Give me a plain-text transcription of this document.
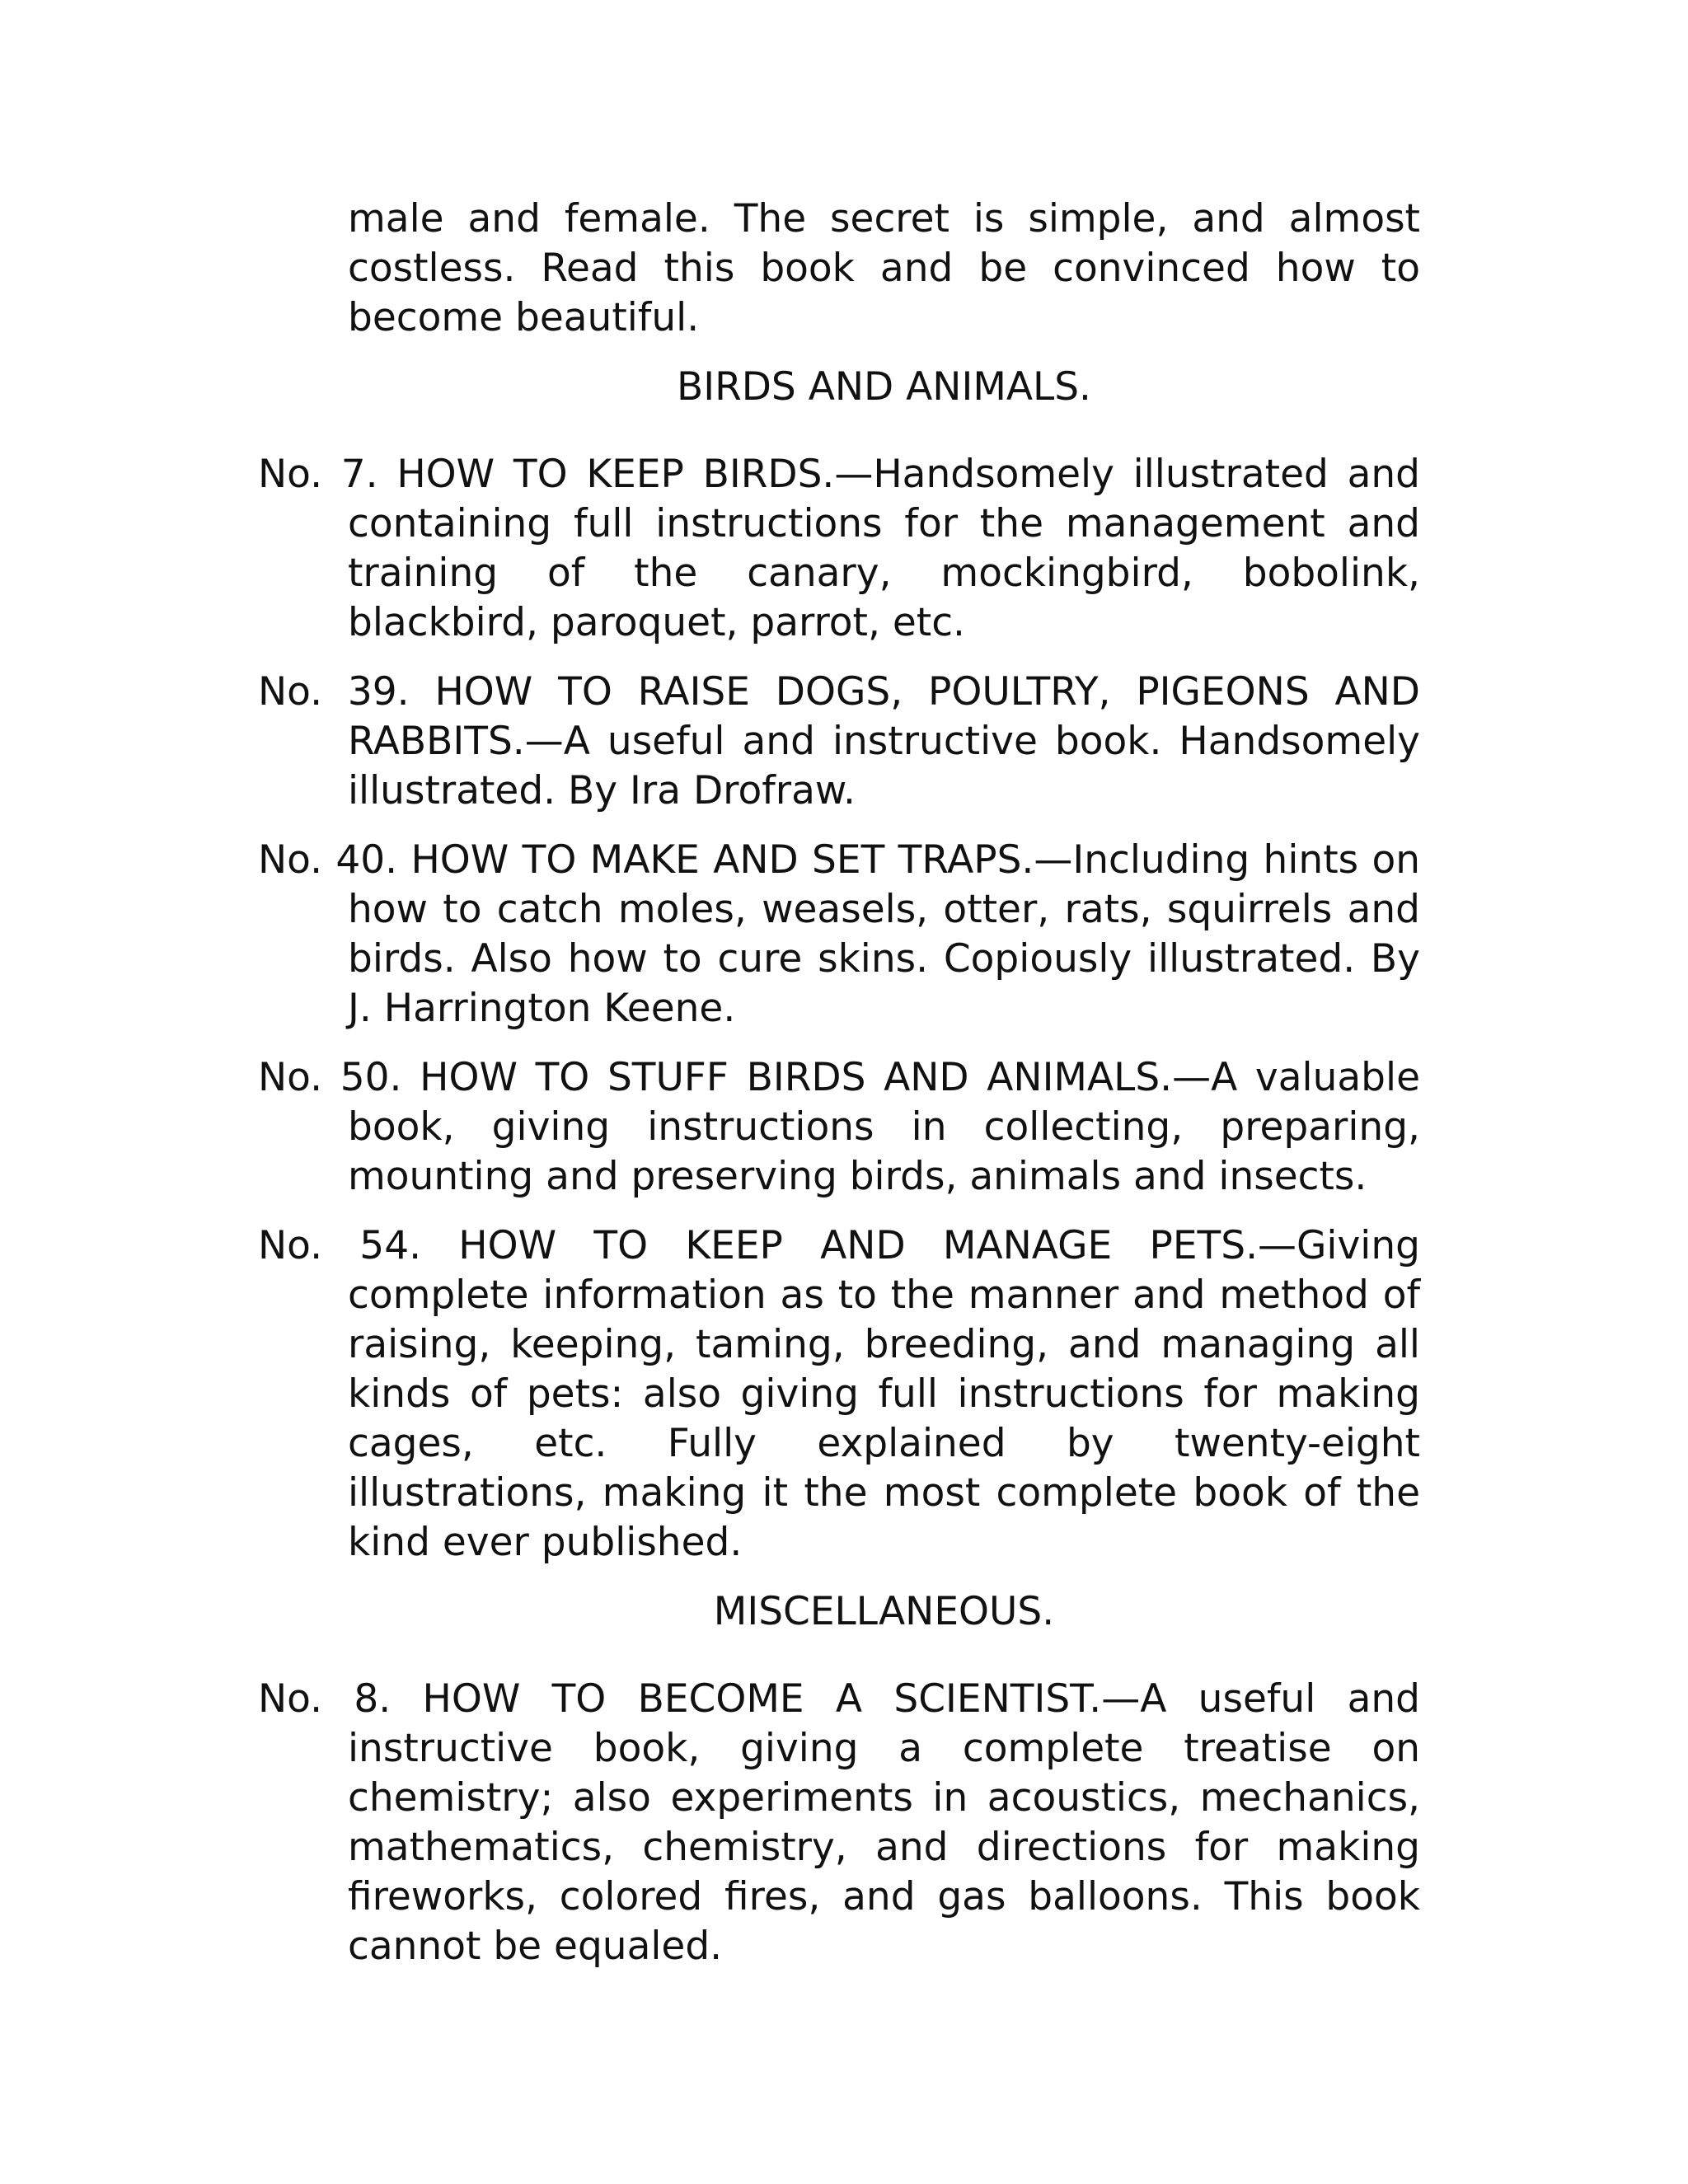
male and female. The secret is simple, and almost costless. Read this book and be convinced how to become beautiful.

BIRDS AND ANIMALS.

No. 7. HOW TO KEEP BIRDS.—Handsomely illustrated and containing full instructions for the management and training of the canary, mockingbird, bobolink, blackbird, paroquet, parrot, etc.

No. 39. HOW TO RAISE DOGS, POULTRY, PIGEONS AND RABBITS.—A useful and instructive book. Handsomely illustrated. By Ira Drofraw.

No. 40. HOW TO MAKE AND SET TRAPS.—Including hints on how to catch moles, weasels, otter, rats, squirrels and birds. Also how to cure skins. Copiously illustrated. By J. Harrington Keene.

No. 50. HOW TO STUFF BIRDS AND ANIMALS.—A valuable book, giving instructions in collecting, preparing, mounting and preserving birds, animals and insects.

No. 54. HOW TO KEEP AND MANAGE PETS.—Giving complete information as to the manner and method of raising, keeping, taming, breeding, and managing all kinds of pets: also giving full instructions for making cages, etc. Fully explained by twenty-eight illustrations, making it the most complete book of the kind ever published.

MISCELLANEOUS.

No. 8. HOW TO BECOME A SCIENTIST.—A useful and instructive book, giving a complete treatise on chemistry; also experiments in acoustics, mechanics, mathematics, chemistry, and directions for making fireworks, colored fires, and gas balloons. This book cannot be equaled.
